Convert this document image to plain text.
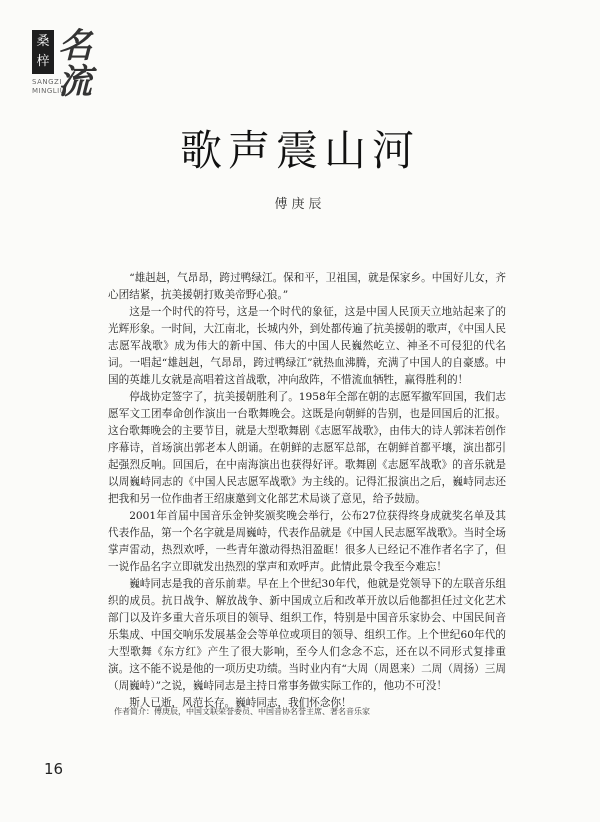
桑
梓
SANGZI
MINGLIU
名
流
歌声震山河
傅庚辰

“雄赳赳，气昂昂，跨过鸭绿江。保和平，卫祖国，就是保家乡。中国好儿女，齐心团结紧，抗美援朝打败美帝野心狼。”

这是一个时代的符号，这是一个时代的象征，这是中国人民顶天立地站起来了的光辉形象。一时间，大江南北，长城内外，到处都传遍了抗美援朝的歌声，《中国人民志愿军战歌》成为伟大的新中国、伟大的中国人民巍然屹立、神圣不可侵犯的代名词。一唱起“雄赳赳，气昂昂，跨过鸭绿江”就热血沸腾，充满了中国人的自豪感。中国的英雄儿女就是高唱着这首战歌，冲向敌阵，不惜流血牺牲，赢得胜利的！

停战协定签字了，抗美援朝胜利了。1958年全部在朝的志愿军撤军回国，我们志愿军文工团奉命创作演出一台歌舞晚会。这既是向朝鲜的告别，也是回国后的汇报。这台歌舞晚会的主要节目，就是大型歌舞剧《志愿军战歌》，由伟大的诗人郭沫若创作序幕诗，首场演出郭老本人朗诵。在朝鲜的志愿军总部，在朝鲜首都平壤，演出都引起强烈反响。回国后，在中南海演出也获得好评。歌舞剧《志愿军战歌》的音乐就是以周巍峙同志的《中国人民志愿军战歌》为主线的。记得汇报演出之后，巍峙同志还把我和另一位作曲者王绍康邀到文化部艺术局谈了意见，给予鼓励。

2001年首届中国音乐金钟奖颁奖晚会举行，公布27位获得终身成就奖名单及其代表作品，第一个名字就是周巍峙，代表作品就是《中国人民志愿军战歌》。当时全场掌声雷动，热烈欢呼，一些青年激动得热泪盈眶！很多人已经记不准作者名字了，但一说作品名字立即就发出热烈的掌声和欢呼声。此情此景令我至今难忘！

巍峙同志是我的音乐前辈。早在上个世纪30年代，他就是党领导下的左联音乐组织的成员。抗日战争、解放战争、新中国成立后和改革开放以后他都担任过文化艺术部门以及许多重大音乐项目的领导、组织工作，特别是中国音乐家协会、中国民间音乐集成、中国交响乐发展基金会等单位或项目的领导、组织工作。上个世纪60年代的大型歌舞《东方红》产生了很大影响，至今人们念念不忘，还在以不同形式复排重演。这不能不说是他的一项历史功绩。当时业内有“大周（周恩来）二周（周扬）三周（周巍峙）”之说，巍峙同志是主持日常事务做实际工作的，他功不可没！

斯人已逝，风范长存。巍峙同志，我们怀念你！

作者简介：傅庚辰，中国文联荣誉委员、中国音协名誉主席、著名音乐家
16
